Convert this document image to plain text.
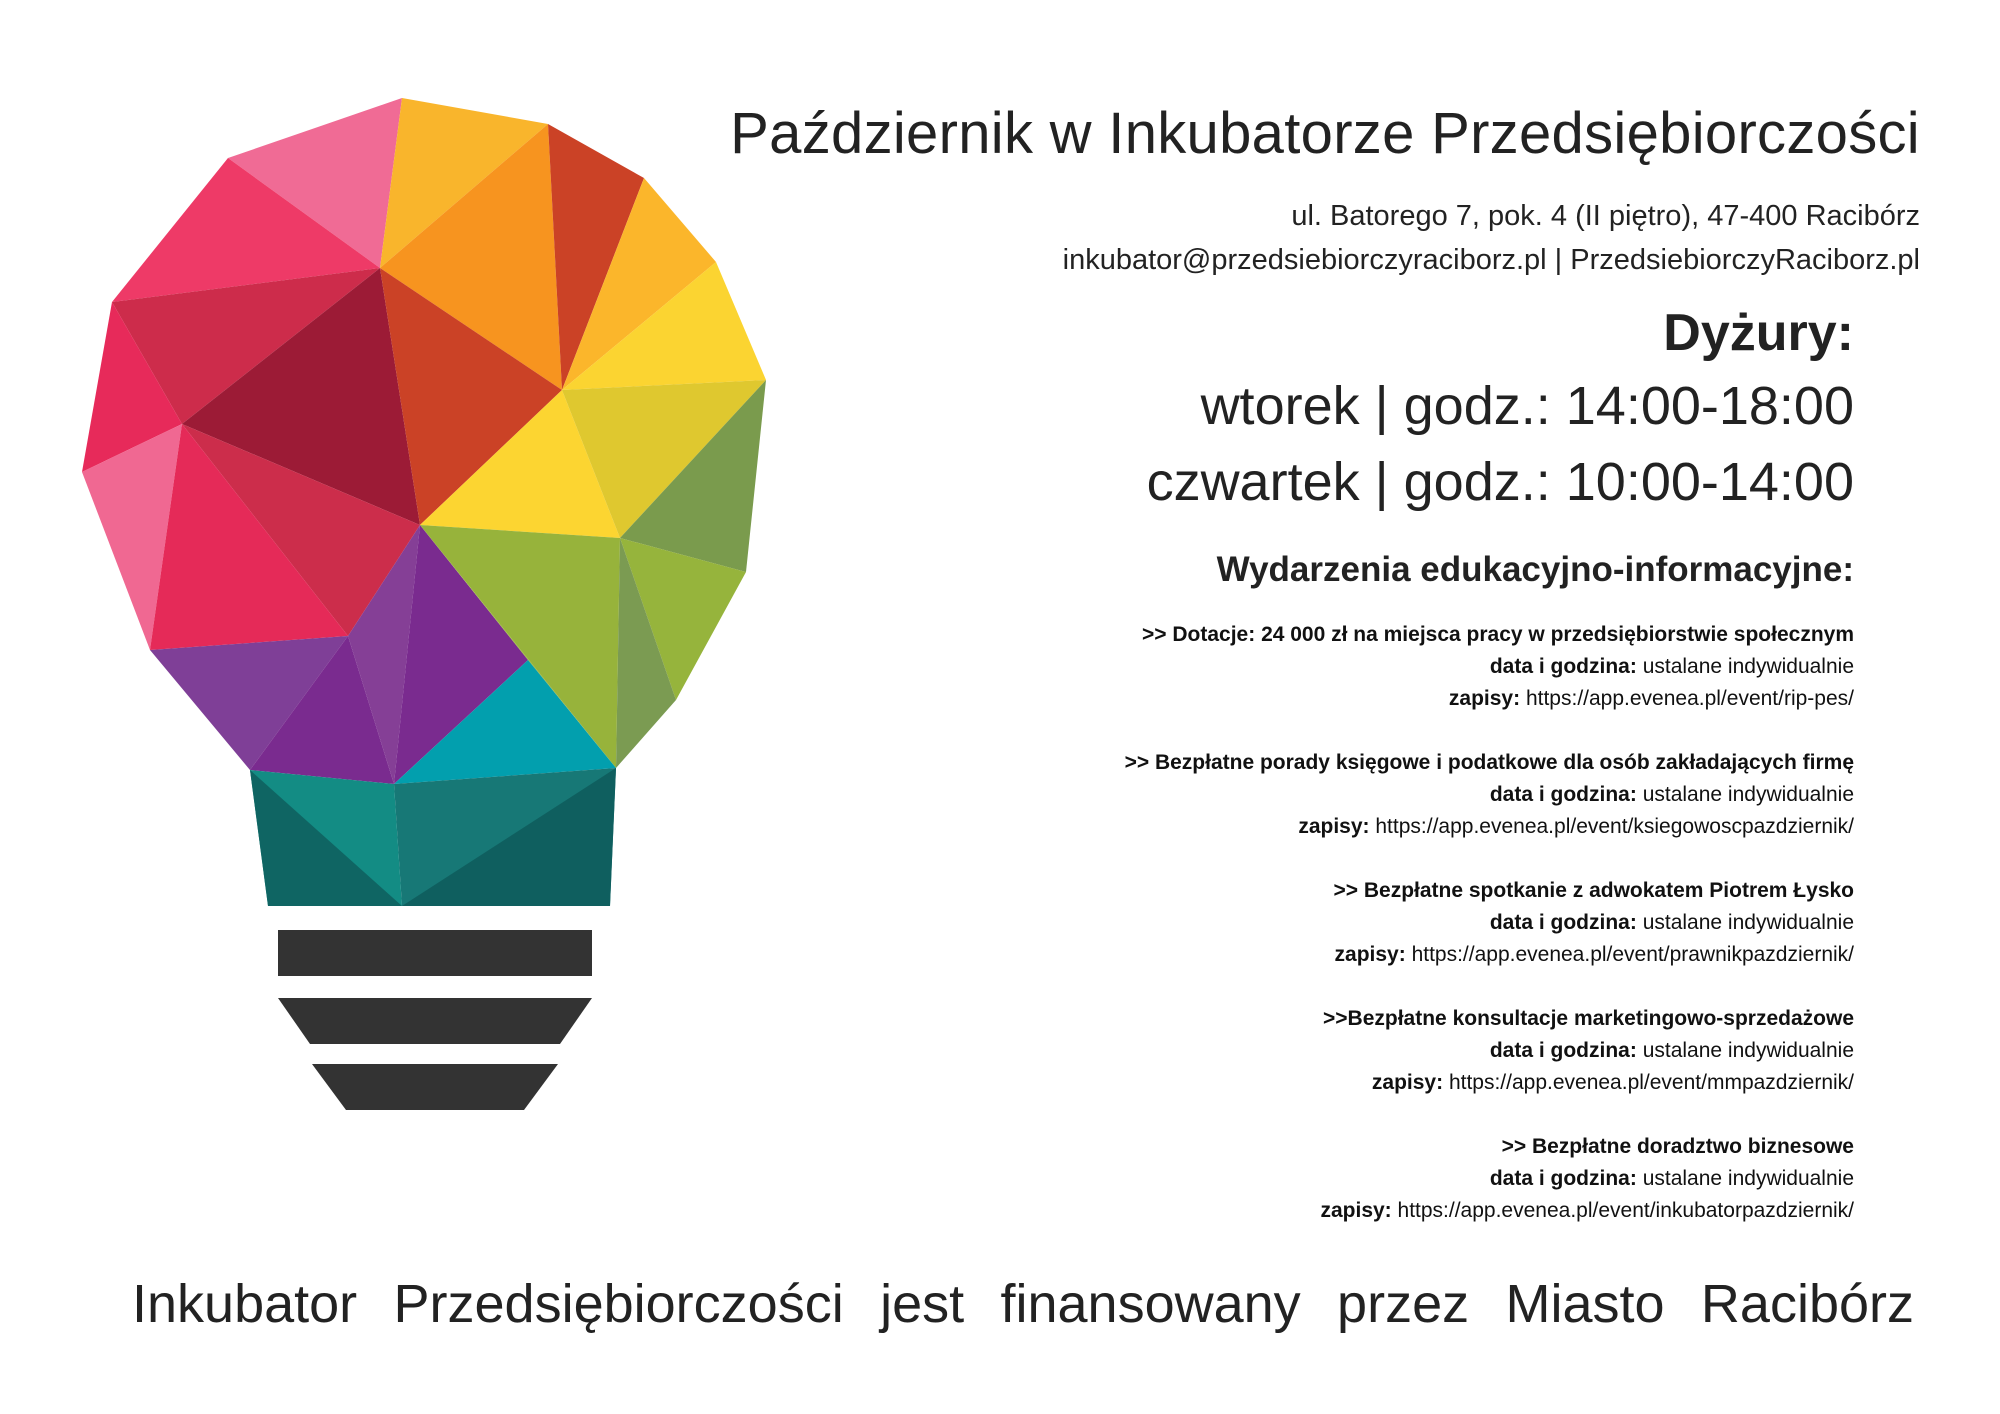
Październik w Inkubatorze Przedsiębiorczości
ul. Batorego 7, pok. 4 (II piętro), 47-400 Racibórz
inkubator@przedsiebiorczyraciborz.pl | PrzedsiebiorczyRaciborz.pl
Dyżury:
wtorek | godz.: 14:00-18:00
czwartek | godz.: 10:00-14:00
Wydarzenia edukacyjno-informacyjne:
>> Dotacje: 24 000 zł na miejsca pracy w przedsiębiorstwie społecznym
data i godzina: ustalane indywidualnie
zapisy: https://app.evenea.pl/event/rip-pes/
>> Bezpłatne porady księgowe i podatkowe dla osób zakładających firmę
data i godzina: ustalane indywidualnie
zapisy: https://app.evenea.pl/event/ksiegowoscpazdziernik/
>> Bezpłatne spotkanie z adwokatem Piotrem Łysko
data i godzina: ustalane indywidualnie
zapisy: https://app.evenea.pl/event/prawnikpazdziernik/
>>Bezpłatne konsultacje marketingowo-sprzedażowe
data i godzina: ustalane indywidualnie
zapisy: https://app.evenea.pl/event/mmpazdziernik/
>> Bezpłatne doradztwo biznesowe
data i godzina: ustalane indywidualnie
zapisy: https://app.evenea.pl/event/inkubatorpazdziernik/
Inkubator Przedsiębiorczości jest finansowany przez Miasto Racibórz
